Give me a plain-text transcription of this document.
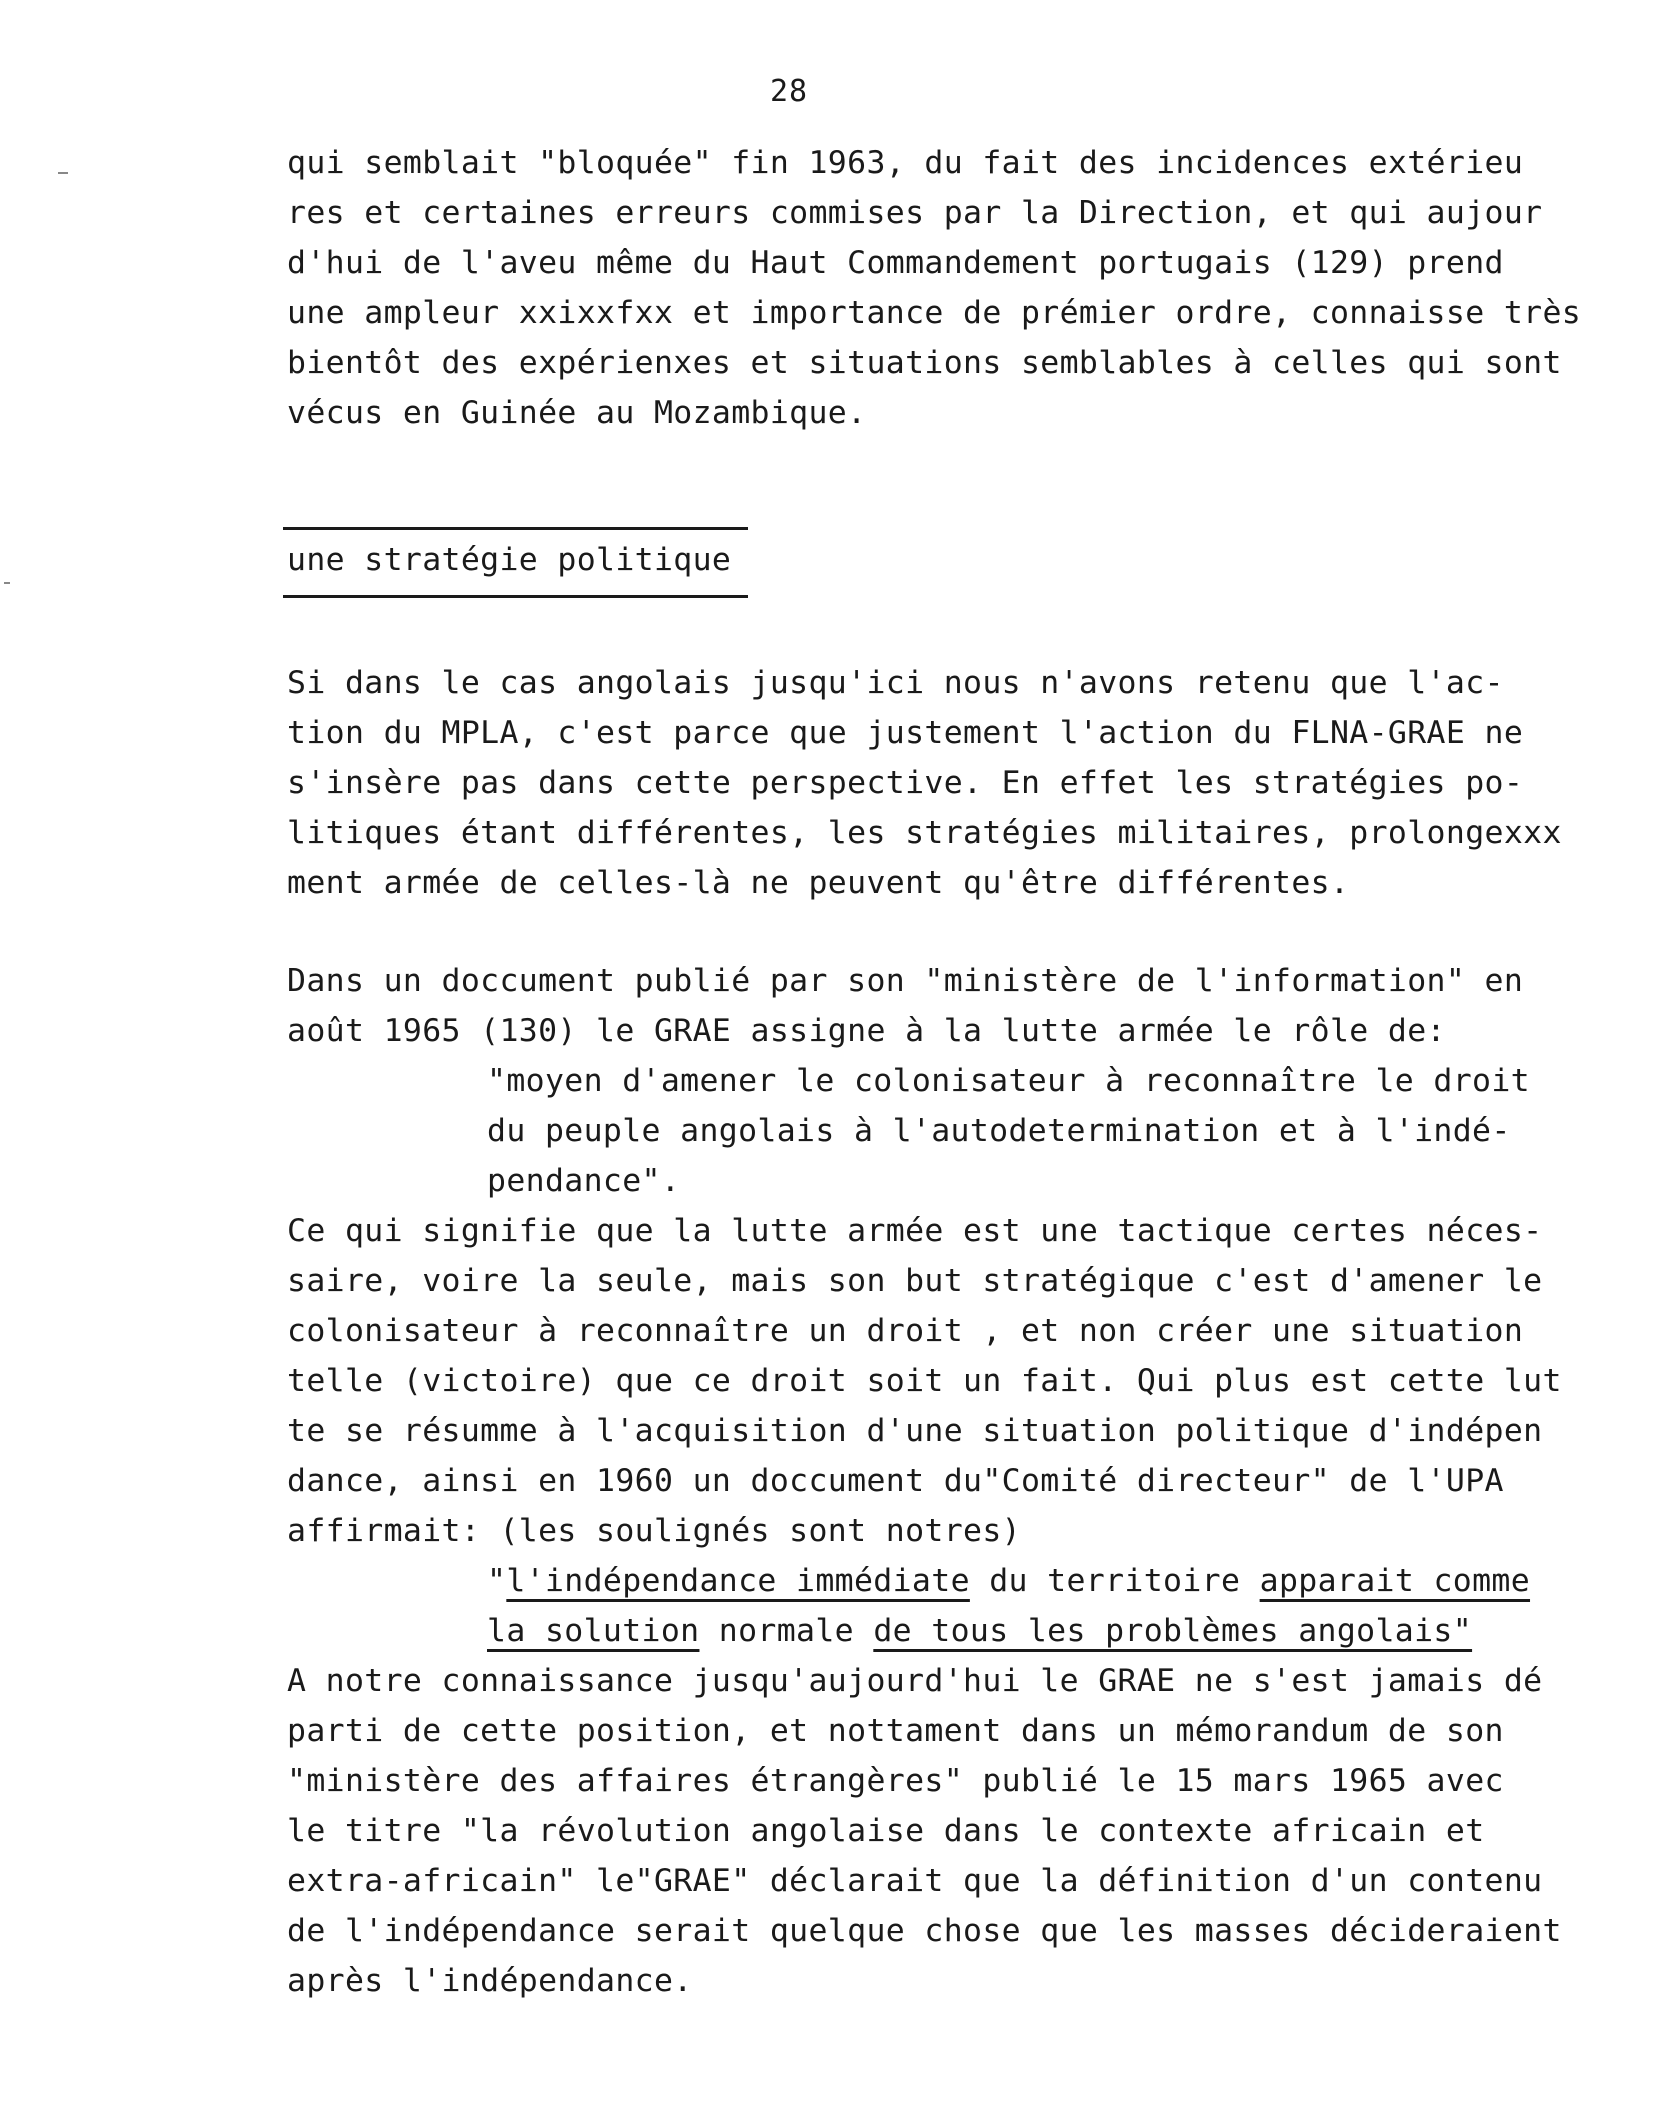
28
qui semblait "bloquée" fin 1963, du fait des incidences extérieu
res et certaines erreurs commises par la Direction, et qui aujour
d'hui de l'aveu même du Haut Commandement portugais (129) prend
une ampleur xxixxfxx et importance de prémier ordre, connaisse très
bientôt des expérienxes et situations semblables à celles qui sont
vécus en Guinée au Mozambique.
une stratégie politique
Si dans le cas angolais jusqu'ici nous n'avons retenu que l'ac-
tion du MPLA, c'est parce que justement l'action du FLNA-GRAE ne
s'insère pas dans cette perspective. En effet les stratégies po-
litiques étant différentes, les stratégies militaires, prolongexxx
ment armée de celles-là ne peuvent qu'être différentes.
Dans un doccument publié par son "ministère de l'information" en
août 1965 (130) le GRAE assigne à la lutte armée le rôle de:
"moyen d'amener le colonisateur à reconnaître le droit
du peuple angolais à l'autodetermination et à l'indé-
pendance".
Ce qui signifie que la lutte armée est une tactique certes néces-
saire, voire la seule, mais son but stratégique c'est d'amener le
colonisateur à reconnaître un droit , et non créer une situation
telle (victoire) que ce droit soit un fait. Qui plus est cette lut
te se résumme à l'acquisition d'une situation politique d'indépen
dance, ainsi en 1960 un doccument du"Comité directeur" de l'UPA
affirmait: (les soulignés sont notres)
"l'indépendance immédiate du territoire apparait comme
la solution normale de tous les problèmes angolais"
A notre connaissance jusqu'aujourd'hui le GRAE ne s'est jamais dé
parti de cette position, et nottament dans un mémorandum de son
"ministère des affaires étrangères" publié le 15 mars 1965 avec
le titre "la révolution angolaise dans le contexte africain et
extra-africain" le"GRAE" déclarait que la définition d'un contenu
de l'indépendance serait quelque chose que les masses décideraient
après l'indépendance.
